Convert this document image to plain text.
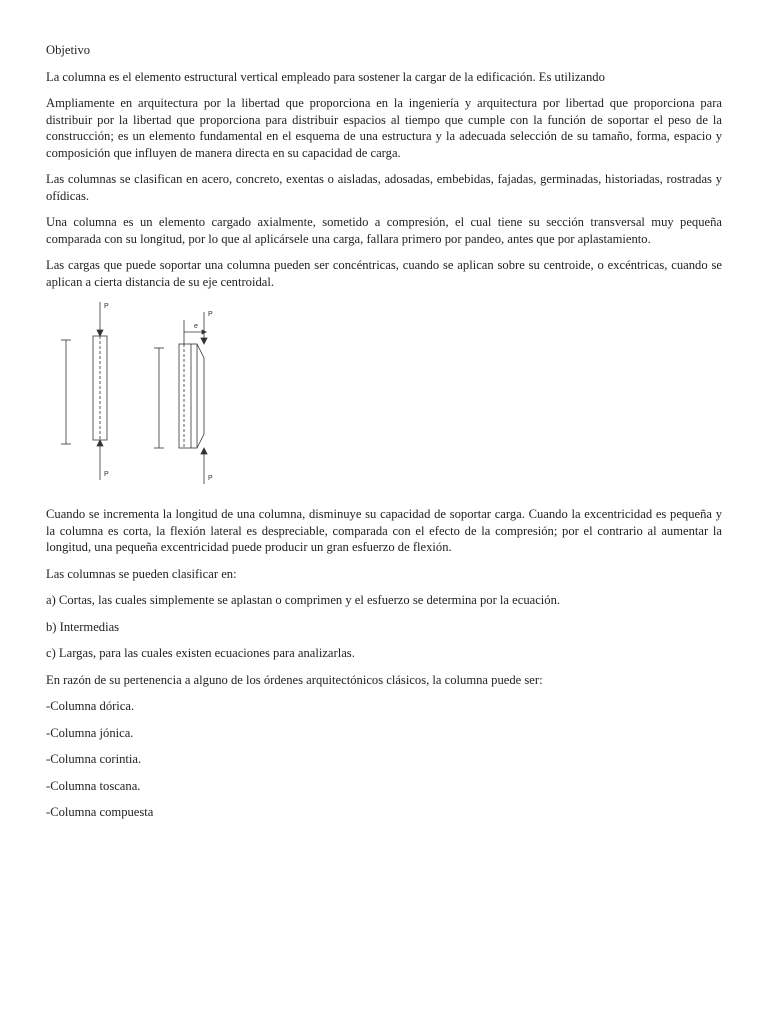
Objetivo

La columna es el elemento estructural vertical empleado para sostener la cargar de la edificación. Es utilizando

Ampliamente en arquitectura por la libertad que proporciona en la ingeniería y arquitectura por libertad que proporciona para distribuir por la libertad que proporciona para distribuir espacios al tiempo que cumple con la función de soportar el peso de la construcción; es un elemento fundamental en el esquema de una estructura y la adecuada selección de su tamaño, forma, espacio y composición que influyen de manera directa en su capacidad de carga.

Las columnas se clasifican en acero, concreto, exentas o aisladas, adosadas, embebidas, fajadas, germinadas, historiadas, rostradas y ofídicas.

Una columna es un elemento cargado axialmente, sometido a compresión, el cual tiene su sección transversal muy pequeña comparada con su longitud, por lo que al aplicársele una carga, fallara primero por pandeo, antes que por aplastamiento.

Las cargas que puede soportar una columna pueden ser concéntricas, cuando se aplican sobre su centroide, o excéntricas, cuando se aplican a cierta distancia de su eje centroidal.

P
P
P
e
P

Cuando se incrementa la longitud de una columna, disminuye su capacidad de soportar carga. Cuando la excentricidad es pequeña y la columna es corta, la flexión lateral es despreciable, comparada con el efecto de la compresión; por el contrario al aumentar la longitud, una pequeña excentricidad puede producir un gran esfuerzo de flexión.

Las columnas se pueden clasificar en:

a) Cortas, las cuales simplemente se aplastan o comprimen y el esfuerzo se determina por la ecuación.

b) Intermedias

c) Largas, para las cuales existen ecuaciones para analizarlas.

En razón de su pertenencia a alguno de los órdenes arquitectónicos clásicos, la columna puede ser:

-Columna dórica.

-Columna jónica.

-Columna corintia.

-Columna toscana.

-Columna compuesta
